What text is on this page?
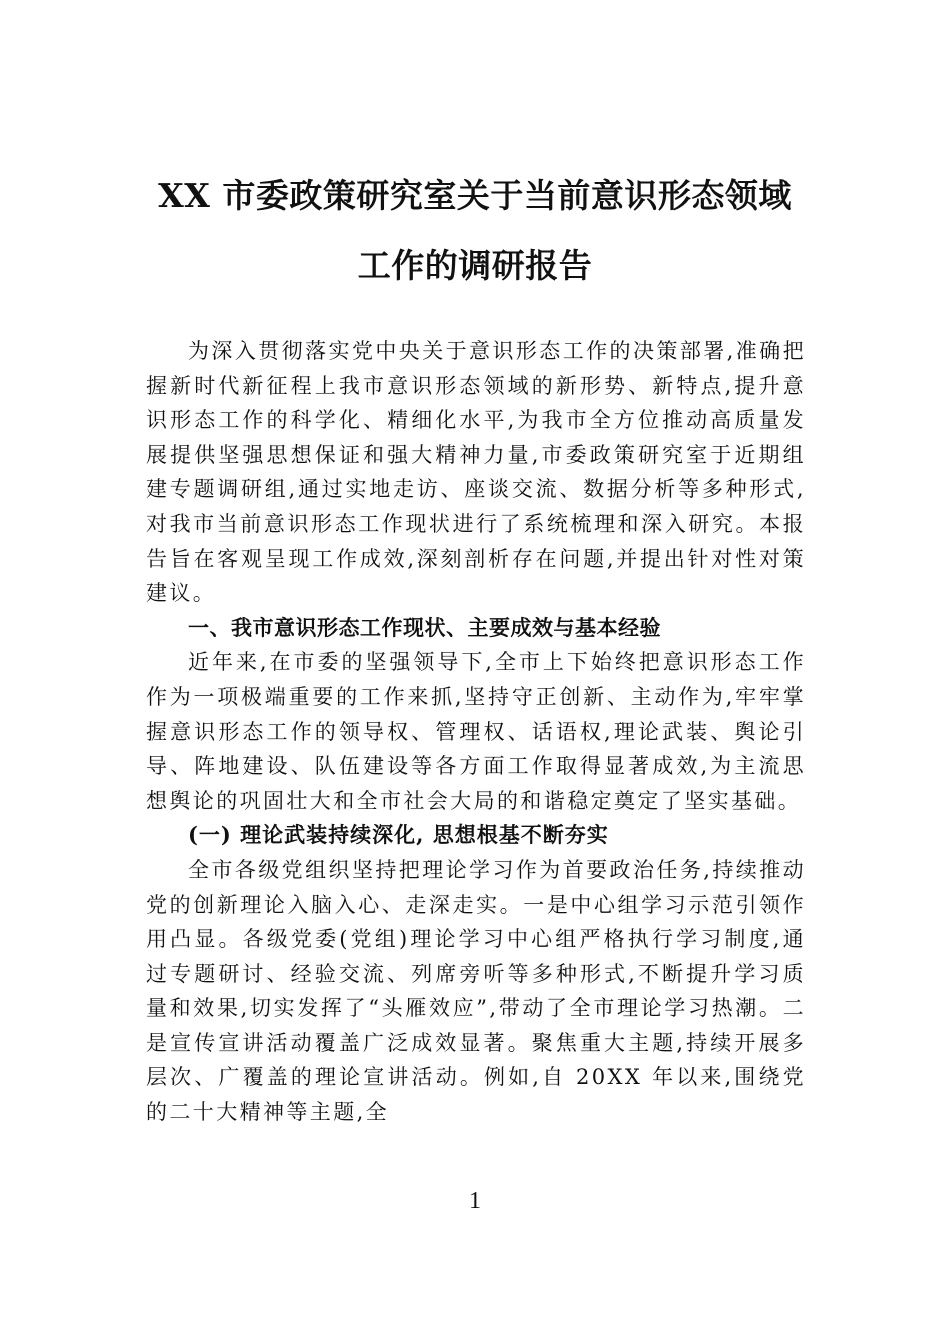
XX 市委政策研究室关于当前意识形态领域
工作的调研报告

为深入贯彻落实党中央关于意识形态工作的决策部署,准确把握新时代新征程上我市意识形态领域的新形势、新特点,提升意识形态工作的科学化、精细化水平,为我市全方位推动高质量发展提供坚强思想保证和强大精神力量,市委政策研究室于近期组建专题调研组,通过实地走访、座谈交流、数据分析等多种形式,对我市当前意识形态工作现状进行了系统梳理和深入研究。本报告旨在客观呈现工作成效,深刻剖析存在问题,并提出针对性对策建议。

一、我市意识形态工作现状、主要成效与基本经验

近年来,在市委的坚强领导下,全市上下始终把意识形态工作作为一项极端重要的工作来抓,坚持守正创新、主动作为,牢牢掌握意识形态工作的领导权、管理权、话语权,理论武装、舆论引导、阵地建设、队伍建设等各方面工作取得显著成效,为主流思想舆论的巩固壮大和全市社会大局的和谐稳定奠定了坚实基础。

(一) 理论武装持续深化, 思想根基不断夯实

全市各级党组织坚持把理论学习作为首要政治任务,持续推动党的创新理论入脑入心、走深走实。一是中心组学习示范引领作用凸显。各级党委(党组)理论学习中心组严格执行学习制度,通过专题研讨、经验交流、列席旁听等多种形式,不断提升学习质量和效果,切实发挥了“头雁效应”,带动了全市理论学习热潮。二是宣传宣讲活动覆盖广泛成效显著。聚焦重大主题,持续开展多层次、广覆盖的理论宣讲活动。例如,自 20XX 年以来,围绕党的二十大精神等主题,全

1
